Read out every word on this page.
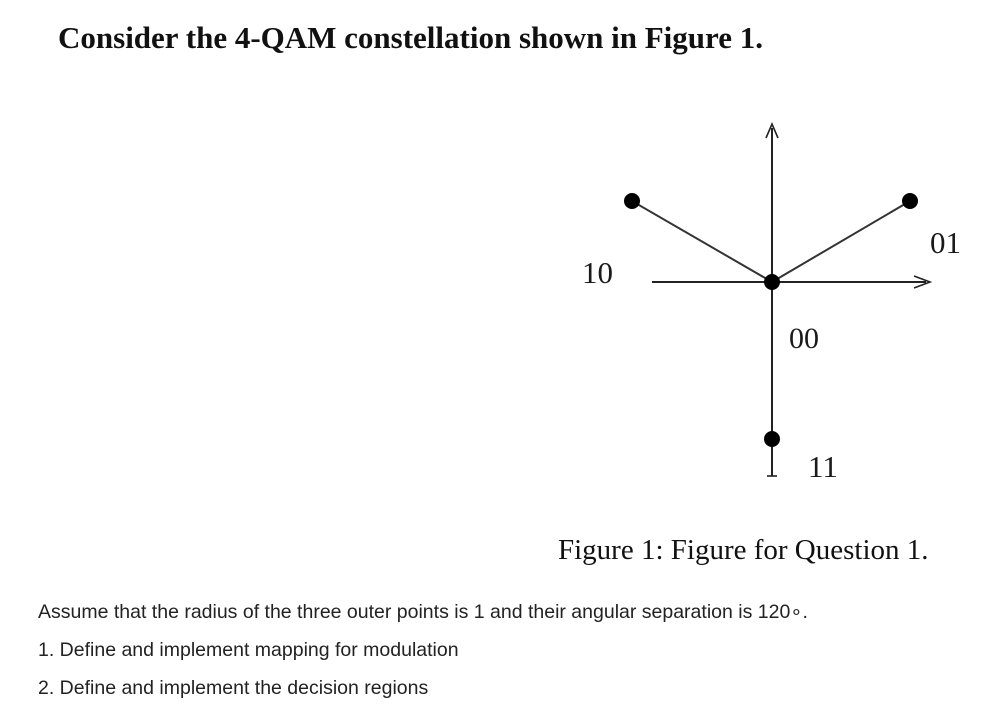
Consider the 4-QAM constellation shown in Figure 1.
10
01
00
11
Figure 1: Figure for Question 1.
Assume that the radius of the three outer points is 1 and their angular separation is 120∘.
1. Define and implement mapping for modulation
2. Define and implement the decision regions
